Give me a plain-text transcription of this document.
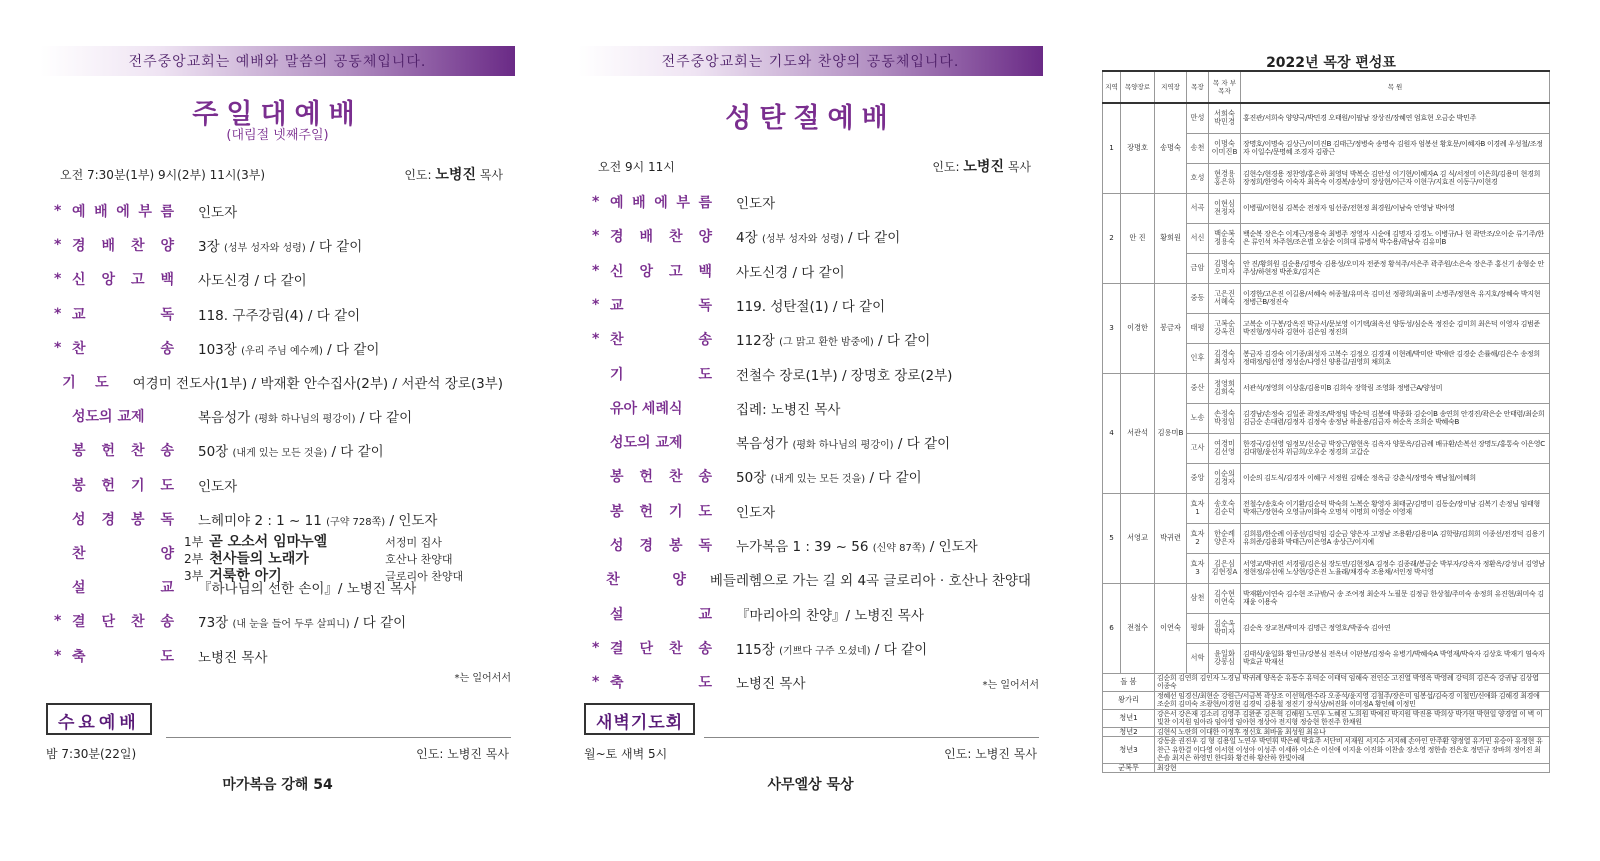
전주중앙교회는 예배와 말씀의 공동체입니다.
주일대예배
(대림절 넷째주일)
오전 7:30분(1부) 9시(2부) 11시(3부)	인도: 노병진 목사
* 예 배 에 부 름 인도자
* 경 배 찬 양 3장 (성부 성자와 성령) / 다 같이
* 신 앙 고 백 사도신경 / 다 같이
* 교	독 118. 구주강림(4) / 다 같이
* 찬	송 103장 (우리 주님 예수께) / 다 같이
기 도 여경미 전도사(1부) / 박재환 안수집사(2부) / 서관석 장로(3부)
성도의 교제	복음성가 (평화 하나님의 평강이) / 다 같이
봉 헌 찬 송 50장 (내게 있는 모든 것을) / 다 같이
봉 헌 기 도 인도자
성 경 봉 독 느헤미야 2 : 1 ~ 11 (구약 728쪽) / 인도자
찬	양
설	교 『하나님의 선한 손이』/ 노병진 목사
* 결 단 찬 송 73장 (내 눈을 들어 두루 살피니) / 다 같이
* 축	도 노병진 목사
1부 곧 오소서 임마누엘	서정미 집사
2부 천사들의 노래가	호산나 찬양대
3부 거룩한 아기	글로리아 찬양대
*는 일어서서
수요예배
밤 7:30분(22일)	인도: 노병진 목사
마가복음 강해 54
전주중앙교회는 기도와 찬양의 공동체입니다.
성탄절예배
오전 9시 11시	인도: 노병진 목사
* 예 배 에 부 름 인도자
* 경 배 찬 양 4장 (성부 성자와 성령) / 다 같이
* 신 앙 고 백 사도신경 / 다 같이
* 교	독 119. 성탄절(1) / 다 같이
* 찬	송 112장 (그 맑고 환한 밤중에) / 다 같이
기	도 전철수 장로(1부) / 장명호 장로(2부)
유아 세례식	집례: 노병진 목사
성도의 교제	복음성가 (평화 하나님의 평강이) / 다 같이
봉 헌 찬 송 50장 (내게 있는 모든 것을) / 다 같이
봉 헌 기 도 인도자
성 경 봉 독 누가복음 1 : 39 ~ 56 (신약 87쪽) / 인도자
찬	양 베들레헴으로 가는 길 외 4곡 글로리아 · 호산나 찬양대
설	교 『마리아의 찬양』/ 노병진 목사
* 결 단 찬 송 115장 (기쁘다 구주 오셨네) / 다 같이
* 축	도 노병진 목사	*는 일어서서
새벽기도회
월~토 새벽 5시	인도: 노병진 목사
사무엘상 묵상
2022년 목장 편성표
지역	목양장로	지역장	목장	목 자 부목자	목 원
1	장명호	송명숙	만성	서희숙 박민경	홍진관/서희숙 양양국/박민경 오태원/이팔남 장상진/장혜연 엄효현 오금순 박민주
			송천	이명숙 이미진B	장명호/이명숙 김상근/이미진B 김태근/정병숙 송명숙 김원자 엄봉선 황호문/이혜자B 이경례 우성철/조정자 이일수/문명혜 조경자 김광근
			호성	현경용 홍은하	김현수/현경용 정찬영/홍은하 최영덕 박복순 김안성 이기현/이혜자A 김 식/서정미 이은희/김용미 현경희 장정희/한영숙 이숙자 최옥숙 이경복/송상미 장상현/이근자 이현구/지효진 이동구/이현경
2	안 진	황희원	서곡	이현심 전정자	이병필/이현심 김복순 전정자 임선종/전현정 최경원/이남숙 안영남 박아영
			서신	백순복 정용숙	백순복 장은수 이계근/정용숙 최병주 정영자 시순애 김명자 김경노 이병규/나 현 곽만조/오이순 류기주/한 은 류인석 차주현/조은별 오삼순 이희대 류병석 박수용/곽남숙 김유미B
			금암	김명숙 오미자	안 진/황희원 김순용/김명숙 김용성/오미자 전준정 황석주/서은주 곽주원/소은숙 장은주 홍신기 송형순 안주상/하현정 박준호/김지은
3	이경한	봉금자	중동	고은진 서혜숙	이경한/고은진 이길용/서혜숙 허종철/유미옥 김미선 정광희/최율미 소병주/정현옥 유지호/장혜숙 박지현 정병근B/정진숙
			태평	고복순 강옥진	고복순 이구봉/강옥진 박규서/문보영 이기택/최옥선 양동성/심순옥 정진순 김미희 최은덕 이영자 김범준 박진형/정사라 김현아 김은임 정진희
			인후	김경숙 최성자	봉금자 김경숙 이기종/최성자 고복수 김정오 김경재 이현례/박미란 박애란 김경순 손률해/김은수 송정희 정태정/임선영 정성순/나영신 양용길/권영희 채희초
4	서관석	김용미B	중산	정영희 김희숙	서관석/정영희 이상훈/김용미B 김희숙 장학림 조영화 정병근A/양성미
			노송	손정숙 박정임	김경남/손정숙 김일준 곽정조/박정임 박순덕 김봉애 박종화 김순이B 송연희 안경진/곽은순 안태렴/최순희 김금순 손대렴/김정자 김정숙 송정남 하윤용/김금자 허순옥 조희순 박혜숙B
			고사	여경미 김선영	한경국/김선영 임정모/신순금 박장근/함현옥 김옥자 양문옥/김금례 배규환/손복선 장명도/홍통숙 이은영C 김대형/윤선자 위금희/오우순 정경희 고갑순
			중앙	이순의 김경자	이순의 김도식/김경자 이혜구 서정원 김해순 정옥금 강춘식/장명숙 백남철/이혜희
5	서영교	박귀련	효자1	송호숙 김순덕	전철수/송호숙 이기환/김순덕 박숙희 노복순 황영자 최태균/김명미 김동순/장미남 김복기 손정님 임태형 박재근/장현숙 오영규/이화숙 오명석 이명희 이영순 이영재
			효자2	한순례 양은자	김희룡/한순례 이종선/김덕임 김순금 양은자 고정남 조용환/김용미A 김학량/김희희 이종선/전경덕 김용기 유희준/김용화 박태근/이은영A 송상근/이지예
			효자3	김은심 김현정A	서영교/박귀련 서경림/김은심 장도연/김현정A 김정수 김종래/봉금순 박부자/강옥자 정환옥/강성녀 김영남 정현정/유선애 노상현/강은진 노율래/채경숙 조용채/서인정 박서영
6	전철수	이연숙	삼천	김수현 이연숙	박재환/이연숙 김수현 조규밖/국 송 조여정 최순자 노필문 김정금 한상철/주미숙 송정희 유진현/최미숙 김재윤 이용숙
			평화	김순옥 박미자	김순옥 장교천/박미자 김명근 정영호/박종숙 김아연
			서학	윤일화 강봉심	김태식/윤일화 황인규/강봉심 전옥녀 이판봉/김정숙 유병기/박혜숙A 박영재/박숙자 김상호 박재기 염숙자 박효균 박재선
돌 봄		김순희 김연희 김인자 노경님 박귀례 양옥순 유동수 유덕순 이태덕 임해숙 전인순 고진열 박영옥 박영례 강덕희 김은숙 강귀남 김상엽 이종숙			
왕가리		정혜선 임경신/최현순 강원근/서금복 곽상조 이선혁/한수라 오종석/윤지영 김철주/장은미 임봉섭/김숙경 이철민/신애화 김해경 최경애 조순희 김미숙 조광현/이경현 김경익 김용철 정진기 장석상/허진화 이미정A 황인혜 이정민			
청년1		강은서 강은재 김소리 김영주 김완준 김은혁 김해원 노민우 노혜진 노희원 박예진 박지원 박진용 박희상 박가현 박현일 양경열 이 벽 이빛찬 이지원 임아라 임아영 임아현 정상아 전지형 정승현 한진주 한채원			
청년2		김현식 노란희 이대한 이정후 정신호 최바울 최성원 최유나			
청년3		강동윤 권진우 김 형 김용일 노연우 박민휘 박은혜 박효주 서단비 서재원 서지수 서지혜 손아인 안주환 양정열 유가민 유승아 유정현 유찬근 유한결 이다영 이서현 이성아 이성주 이세하 이소은 이신애 이지윤 이진화 이찬솔 장소영 정한솔 전은호 정민규 장바희 정어진 최은솔 최지은 하영민 한다화 황건하 황산하 한빛아래			
군복무		최강현			
